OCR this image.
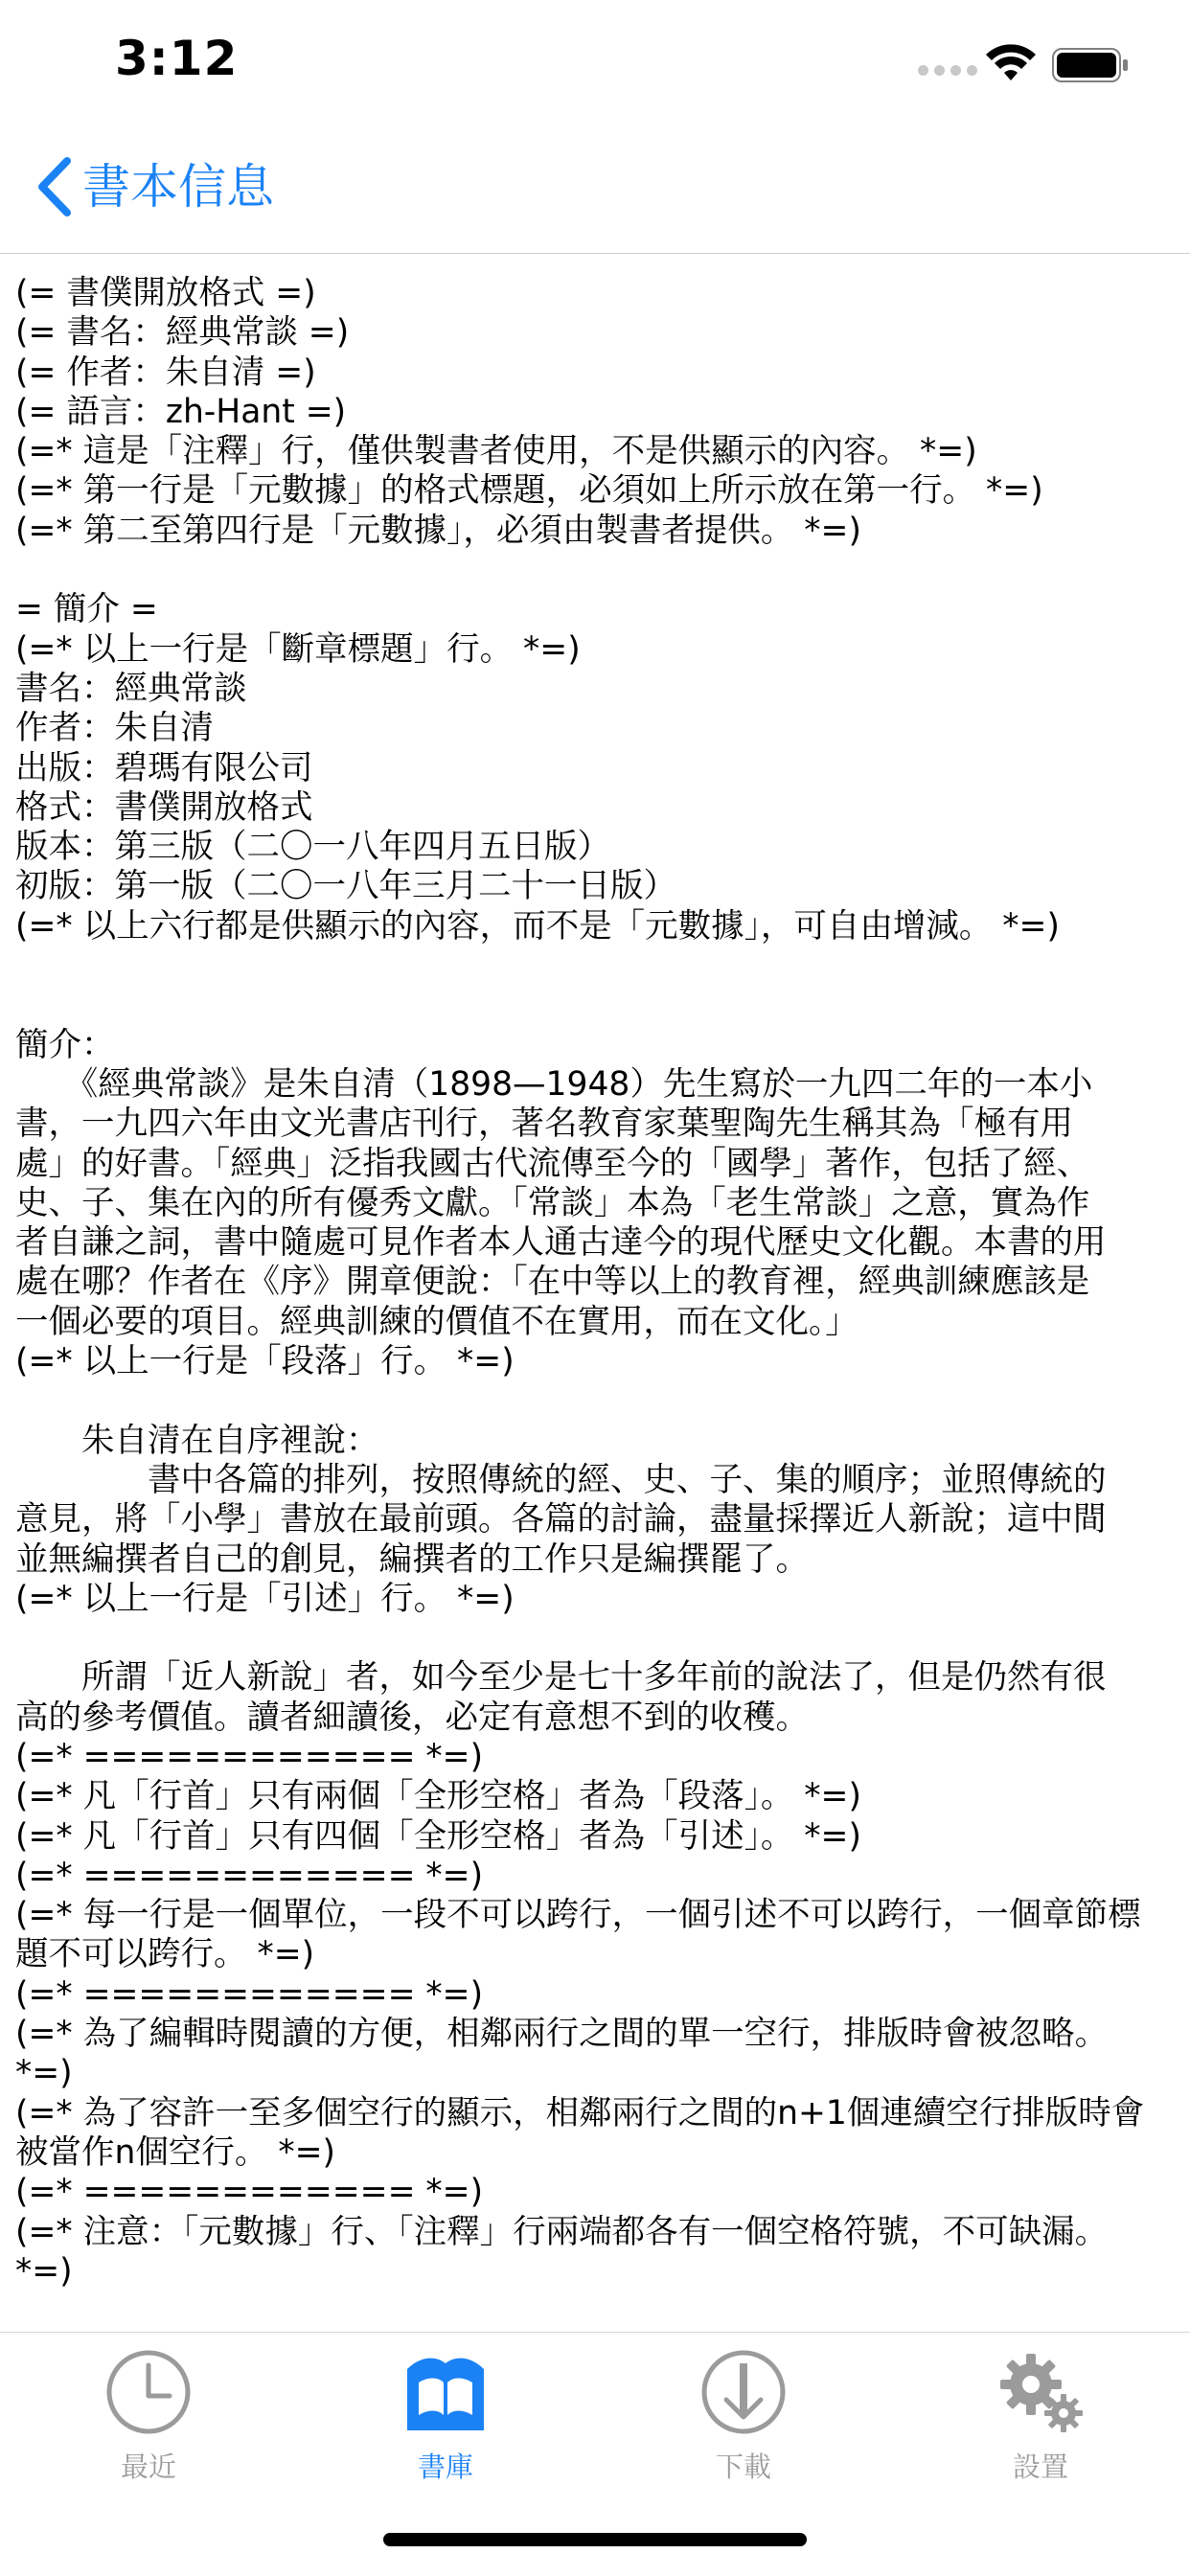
3:12
書本信息
(= 書僕開放格式 =)
(= 書名：經典常談 =)
(= 作者：朱自清 =)
(= 語言：zh-Hant =)
(=* 這是「注釋」行，僅供製書者使用，不是供顯示的內容。 *=)
(=* 第一行是「元數據」的格式標題，必須如上所示放在第一行。 *=)
(=* 第二至第四行是「元數據」，必須由製書者提供。 *=)
= 簡介 =
(=* 以上一行是「斷章標題」行。 *=)
書名：經典常談
作者：朱自清
出版：碧瑪有限公司
格式：書僕開放格式
版本：第三版（二〇一八年四月五日版）
初版：第一版（二〇一八年三月二十一日版）
(=* 以上六行都是供顯示的內容，而不是「元數據」，可自由增減。 *=)
簡介：
　　《經典常談》是朱自清（1898—1948）先生寫於一九四二年的一本小
書，一九四六年由文光書店刊行，著名教育家葉聖陶先生稱其為「極有用
處」的好書。「經典」泛指我國古代流傳至今的「國學」著作，包括了經、
史、子、集在內的所有優秀文獻。「常談」本為「老生常談」之意，實為作
者自謙之詞，書中隨處可見作者本人通古達今的現代歷史文化觀。本書的用
處在哪？作者在《序》開章便說：「在中等以上的教育裡，經典訓練應該是
一個必要的項目。經典訓練的價值不在實用，而在文化。」
(=* 以上一行是「段落」行。 *=)
　　朱自清在自序裡說：
　　　　書中各篇的排列，按照傳統的經、史、子、集的順序；並照傳統的
意見，將「小學」書放在最前頭。各篇的討論，盡量採擇近人新說；這中間
並無編撰者自己的創見，編撰者的工作只是編撰罷了。
(=* 以上一行是「引述」行。 *=)
　　所謂「近人新說」者，如今至少是七十多年前的說法了，但是仍然有很
高的參考價值。讀者細讀後，必定有意想不到的收穫。
(=* ============ *=)
(=* 凡「行首」只有兩個「全形空格」者為「段落」。 *=)
(=* 凡「行首」只有四個「全形空格」者為「引述」。 *=)
(=* ============ *=)
(=* 每一行是一個單位，一段不可以跨行，一個引述不可以跨行，一個章節標
題不可以跨行。 *=)
(=* ============ *=)
(=* 為了編輯時閱讀的方便，相鄰兩行之間的單一空行，排版時會被忽略。
*=)
(=* 為了容許一至多個空行的顯示，相鄰兩行之間的n+1個連續空行排版時會
被當作n個空行。 *=)
(=* ============ *=)
(=* 注意：「元數據」行、「注釋」行兩端都各有一個空格符號，不可缺漏。
*=)
最近	書庫	下載	設置
